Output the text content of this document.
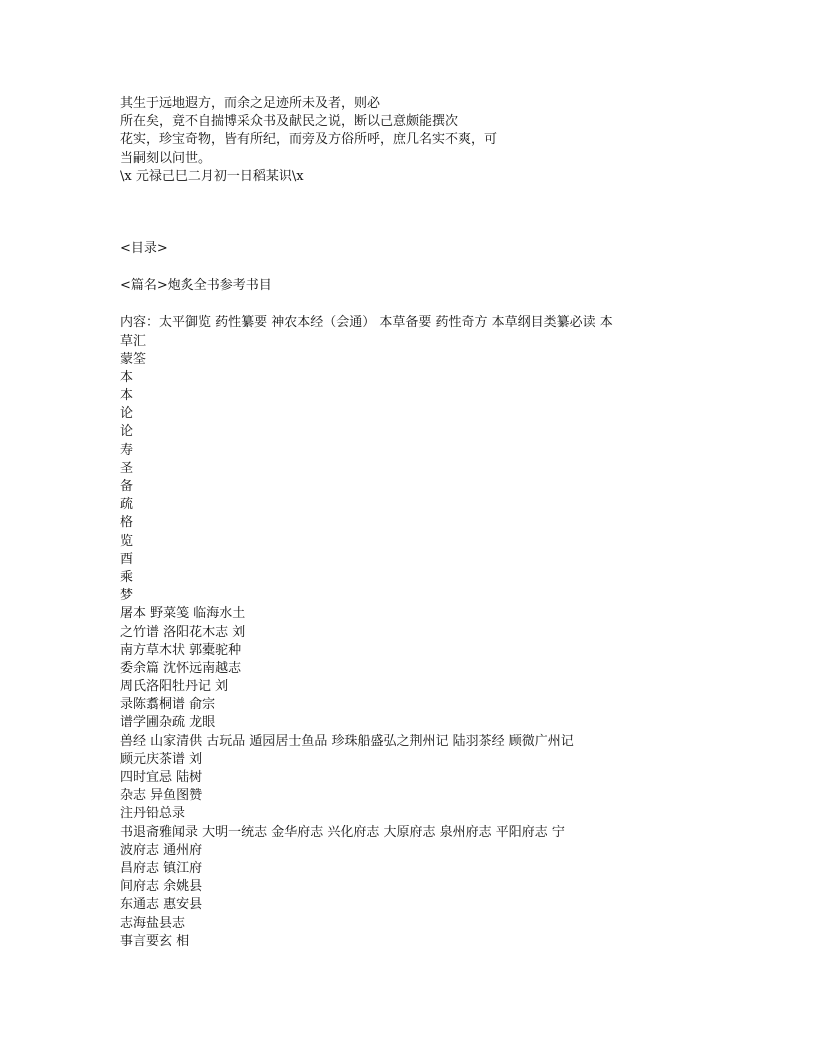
其生于远地遐方，而余之足迹所未及者，则必

所在矣，竟不自揣博采众书及献民之说，断以己意颇能撰次

花实，珍宝奇物，皆有所纪，而旁及方俗所呼，庶几名实不爽，可

当嗣刻以问世。

\x 元禄己巳二月初一日稻某识\x

<目录>

<篇名>炮炙全书参考书目

内容：太平御览 药性纂要 神农本经（会通） 本草备要 药性奇方 本草纲目类纂必读 本

草汇

蒙筌

本

本

论

论

寿

圣

备

疏

格

览

酉

乘

梦

屠本 野菜笺 临海水土

之竹谱 洛阳花木志 刘

南方草木状 郭橐驼种

委余篇 沈怀远南越志

周氏洛阳牡丹记 刘

录陈翥桐谱 俞宗

谱学圃杂疏 龙眼

兽经 山家清供 古玩品 遁园居士鱼品 珍珠船盛弘之荆州记 陆羽茶经 顾微广州记

顾元庆茶谱 刘

四时宜忌 陆树

杂志 异鱼图赞

注丹铅总录

书退斋雅闻录 大明一统志 金华府志 兴化府志 大原府志 泉州府志 平阳府志 宁

波府志 通州府

昌府志 镇江府

间府志 余姚县

东通志 惠安县

志海盐县志

事言要玄 相
